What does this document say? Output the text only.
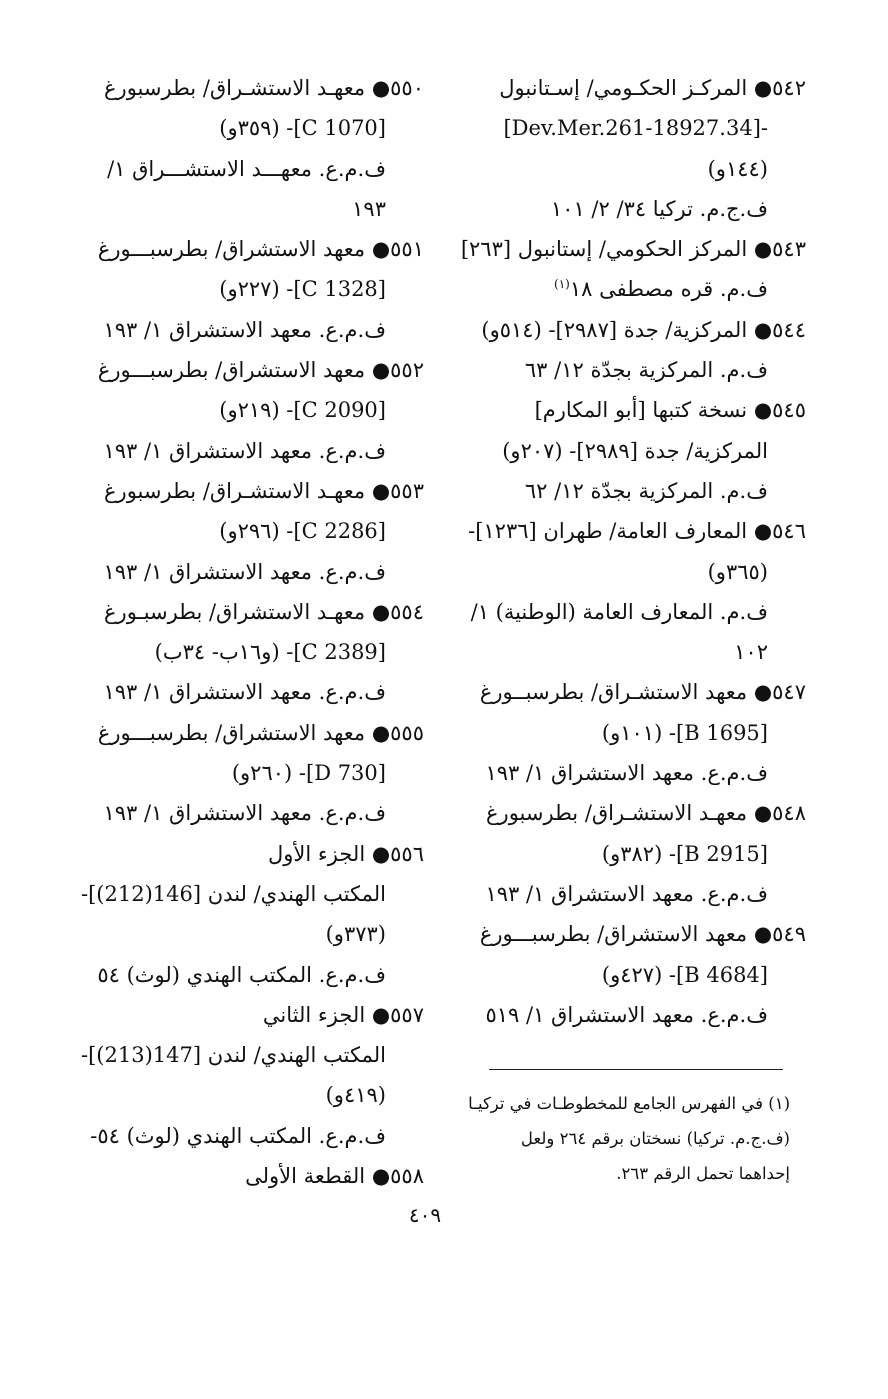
٥٤٢● المركـز الحكـومي/ إسـتانبول
-[34.Dev.Mer.261-18927]
(١٤٤و)
ف.ج.م. تركيا ٣٤/ ٢/ ١٠١
٥٤٣● المركز الحكومي/ إستانبول [٢٦٣]
ف.م. قره مصطفى ١٨$^{(١)}$
٥٤٤● المركزية/ جدة [٢٩٨٧]- (٥١٤و)
ف.م. المركزية بجدّة ١٢/ ٦٣
٥٤٥● نسخة كتبها [أبو المكارم]
المركزية/ جدة [٢٩٨٩]- (٢٠٧و)
ف.م. المركزية بجدّة ١٢/ ٦٢
٥٤٦● المعارف العامة/ طهران [١٢٣٦]-
(٣٦٥و)
ف.م. المعارف العامة (الوطنية) ١/
١٠٢
٥٤٧● معهد الاستشـراق/ بطرسبــورغ
[B 1695]- (١٠١و)
ف.م.ع. معهد الاستشراق ١/ ١٩٣
٥٤٨● معهـد الاستشـراق/ بطرسبورغ
[B 2915]- (٣٨٢و)
ف.م.ع. معهد الاستشراق ١/ ١٩٣
٥٤٩● معهد الاستشراق/ بطرسبـــورغ
[B 4684]- (٤٢٧و)
ف.م.ع. معهد الاستشراق ١/ ٥١٩
٥٥٠● معهـد الاستشـراق/ بطرسبورغ
[C 1070]- (٣٥٩و)
ف.م.ع. معهـــد الاستشـــراق ١/
١٩٣
٥٥١● معهد الاستشراق/ بطرسبـــورغ
[C 1328]- (٢٢٧و)
ف.م.ع. معهد الاستشراق ١/ ١٩٣
٥٥٢● معهد الاستشراق/ بطرسبـــورغ
[C 2090]- (٢١٩و)
ف.م.ع. معهد الاستشراق ١/ ١٩٣
٥٥٣● معهـد الاستشـراق/ بطرسبورغ
[C 2286]- (٢٩٦و)
ف.م.ع. معهد الاستشراق ١/ ١٩٣
٥٥٤● معهـد الاستشراق/ بطرسبـورغ
[C 2389]- (و١٦ب- ٣٤ب)
ف.م.ع. معهد الاستشراق ١/ ١٩٣
٥٥٥● معهد الاستشراق/ بطرسبـــورغ
[D 730]- (٢٦٠و)
ف.م.ع. معهد الاستشراق ١/ ١٩٣
٥٥٦● الجزء الأول
المكتب الهندي/ لندن [146(212)]-
(٣٧٣و)
ف.م.ع. المكتب الهندي (لوث) ٥٤
٥٥٧● الجزء الثاني
المكتب الهندي/ لندن [147(213)]-
(٤١٩و)
ف.م.ع. المكتب الهندي (لوث) ٥٤-
٥٥٨● القطعة الأولى
(١) في الفهرس الجامع للمخطوطـات في تركيـا
(ف.ج.م. تركيا) نسختان برقم ٢٦٤ ولعل
إحداهما تحمل الرقم ٢٦٣.
٤٠٩
